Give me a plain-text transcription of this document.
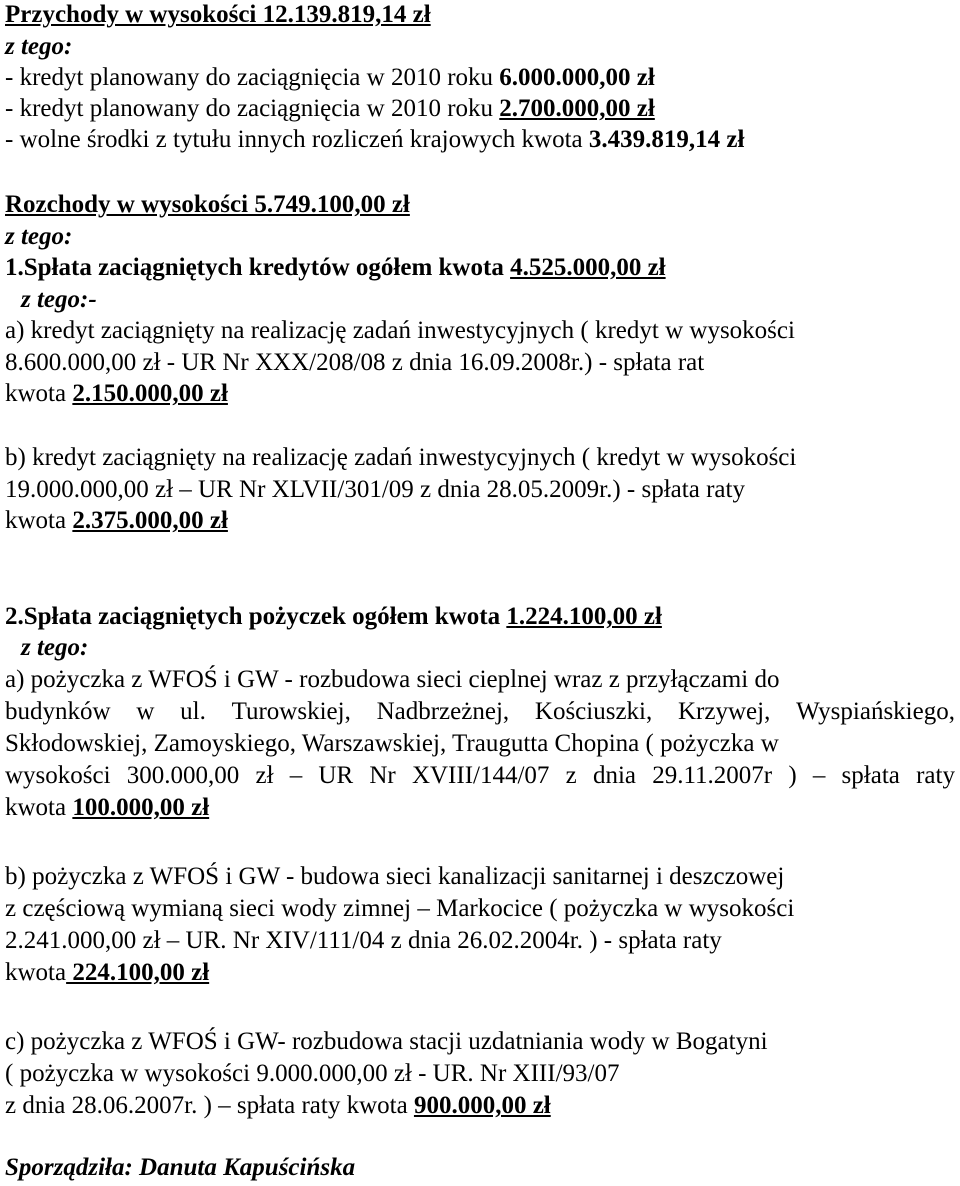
Przychody w wysokości 12.139.819,14 zł
z tego:
- kredyt planowany do zaciągnięcia w 2010 roku 6.000.000,00 zł
- kredyt planowany do zaciągnięcia w 2010 roku 2.700.000,00 zł
- wolne środki z tytułu innych rozliczeń krajowych kwota 3.439.819,14 zł
Rozchody w wysokości 5.749.100,00 zł
z tego:
1.Spłata zaciągniętych kredytów ogółem kwota 4.525.000,00 zł
z tego:-
a) kredyt zaciągnięty na realizację zadań inwestycyjnych ( kredyt w wysokości
8.600.000,00 zł - UR Nr XXX/208/08 z dnia 16.09.2008r.) - spłata rat
kwota 2.150.000,00 zł
b) kredyt zaciągnięty na realizację zadań inwestycyjnych ( kredyt w wysokości
19.000.000,00 zł – UR Nr XLVII/301/09 z dnia 28.05.2009r.) - spłata raty
kwota 2.375.000,00 zł
2.Spłata zaciągniętych pożyczek ogółem kwota 1.224.100,00 zł
z tego:
a) pożyczka z WFOŚ i GW - rozbudowa sieci cieplnej wraz z przyłączami do
budynków w ul. Turowskiej, Nadbrzeżnej, Kościuszki, Krzywej, Wyspiańskiego,
Skłodowskiej, Zamoyskiego, Warszawskiej, Traugutta Chopina ( pożyczka w
wysokości 300.000,00 zł – UR Nr XVIII/144/07 z dnia 29.11.2007r ) – spłata raty
kwota 100.000,00 zł
b) pożyczka z WFOŚ i GW - budowa sieci kanalizacji sanitarnej i deszczowej
z częściową wymianą sieci wody zimnej – Markocice ( pożyczka w wysokości
2.241.000,00 zł – UR. Nr XIV/111/04 z dnia 26.02.2004r. ) - spłata raty
kwota 224.100,00 zł
c) pożyczka z WFOŚ i GW- rozbudowa stacji uzdatniania wody w Bogatyni
( pożyczka w wysokości 9.000.000,00 zł - UR. Nr XIII/93/07
z dnia 28.06.2007r. ) – spłata raty kwota 900.000,00 zł
Sporządziła: Danuta Kapuścińska
